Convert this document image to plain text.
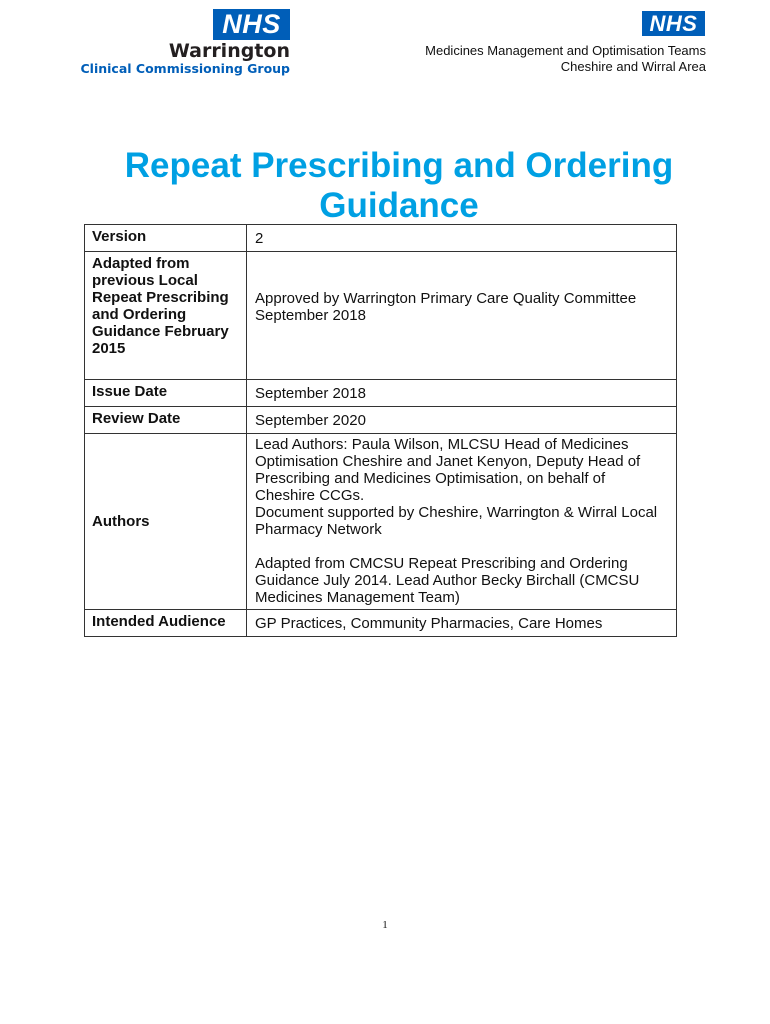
NHS
Warrington
Clinical Commissioning Group
NHS
Medicines Management and Optimisation Teams
Cheshire and Wirral Area
Repeat Prescribing and Ordering Guidance
Version	2
Adapted from previous Local Repeat Prescribing and Ordering Guidance February 2015	Approved by Warrington Primary Care Quality Committee September 2018
Issue Date	September 2018
Review Date	September 2020
Authors	Lead Authors: Paula Wilson, MLCSU Head of Medicines Optimisation Cheshire and Janet Kenyon, Deputy Head of Prescribing and Medicines Optimisation, on behalf of Cheshire CCGs.
Document supported by Cheshire, Warrington & Wirral Local Pharmacy Network

Adapted from CMCSU Repeat Prescribing and Ordering Guidance July 2014. Lead Author Becky Birchall (CMCSU Medicines Management Team)
Intended Audience	GP Practices, Community Pharmacies, Care Homes
1
